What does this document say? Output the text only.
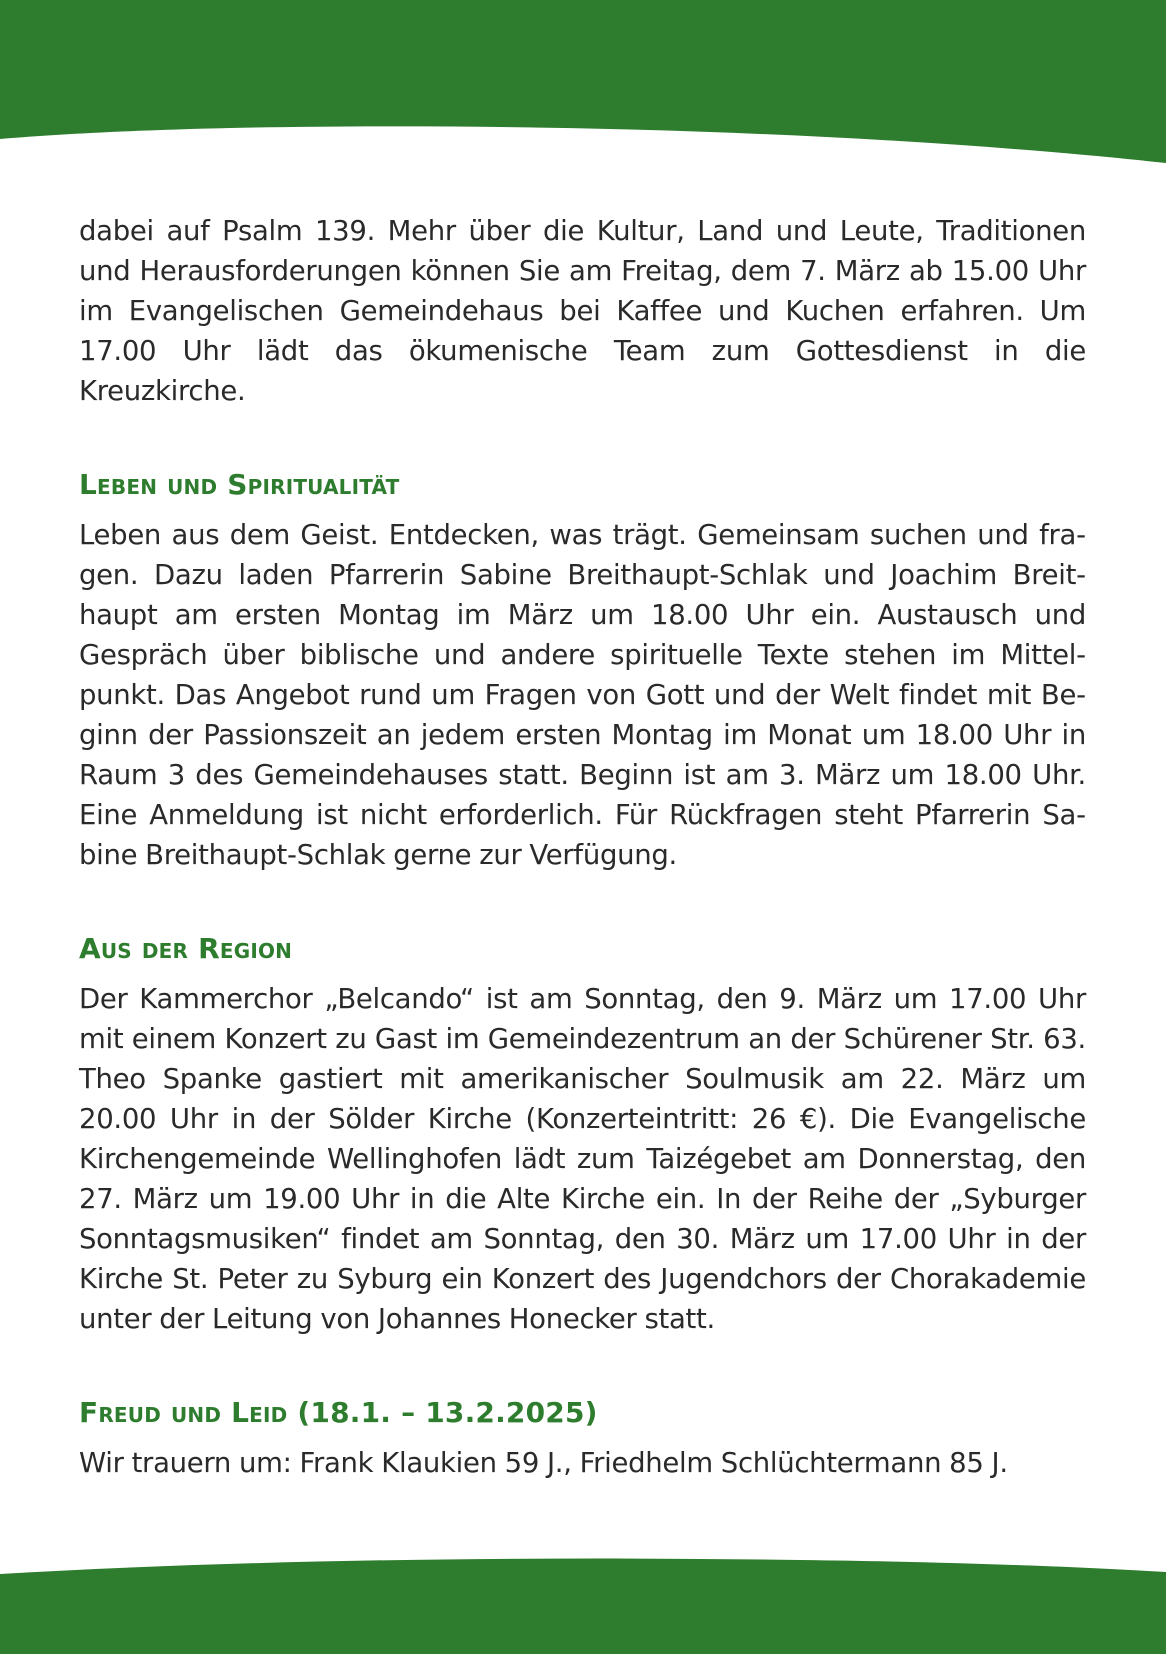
dabei auf Psalm 139. Mehr über die Kultur, Land und Leute, Traditionen und Herausforderungen können Sie am Freitag, dem 7. März ab 15.00 Uhr im Evangelischen Gemeindehaus bei Kaffee und Kuchen erfahren. Um 17.00 Uhr lädt das ökumenische Team zum Gottesdienst in die Kreuzkirche.

Leben und Spiritualität

Leben aus dem Geist. Entdecken, was trägt. Gemeinsam suchen und fragen. Dazu laden Pfarrerin Sabine Breithaupt-Schlak und Joachim Breithaupt am ersten Montag im März um 18.00 Uhr ein. Austausch und Gespräch über biblische und andere spirituelle Texte stehen im Mittelpunkt. Das Angebot rund um Fragen von Gott und der Welt findet mit Beginn der Passionszeit an jedem ersten Montag im Monat um 18.00 Uhr in Raum 3 des Gemeindehauses statt. Beginn ist am 3. März um 18.00 Uhr. Eine Anmeldung ist nicht erforderlich. Für Rückfragen steht Pfarrerin Sabine Breithaupt-Schlak gerne zur Verfügung.

Aus der Region

Der Kammerchor „Belcando“ ist am Sonntag, den 9. März um 17.00 Uhr mit einem Konzert zu Gast im Gemeindezentrum an der Schürener Str. 63. Theo Spanke gastiert mit amerikanischer Soulmusik am 22. März um 20.00 Uhr in der Sölder Kirche (Konzerteintritt: 26 €). Die Evangelische Kirchengemeinde Wellinghofen lädt zum Taizégebet am Donnerstag, den 27. März um 19.00 Uhr in die Alte Kirche ein. In der Reihe der „Syburger Sonntagsmusiken“ findet am Sonntag, den 30. März um 17.00 Uhr in der Kirche St. Peter zu Syburg ein Konzert des Jugendchors der Chorakademie unter der Leitung von Johannes Honecker statt.

Freud und Leid (18.1. – 13.2.2025)

Wir trauern um: Frank Klaukien 59 J., Friedhelm Schlüchtermann 85 J.
